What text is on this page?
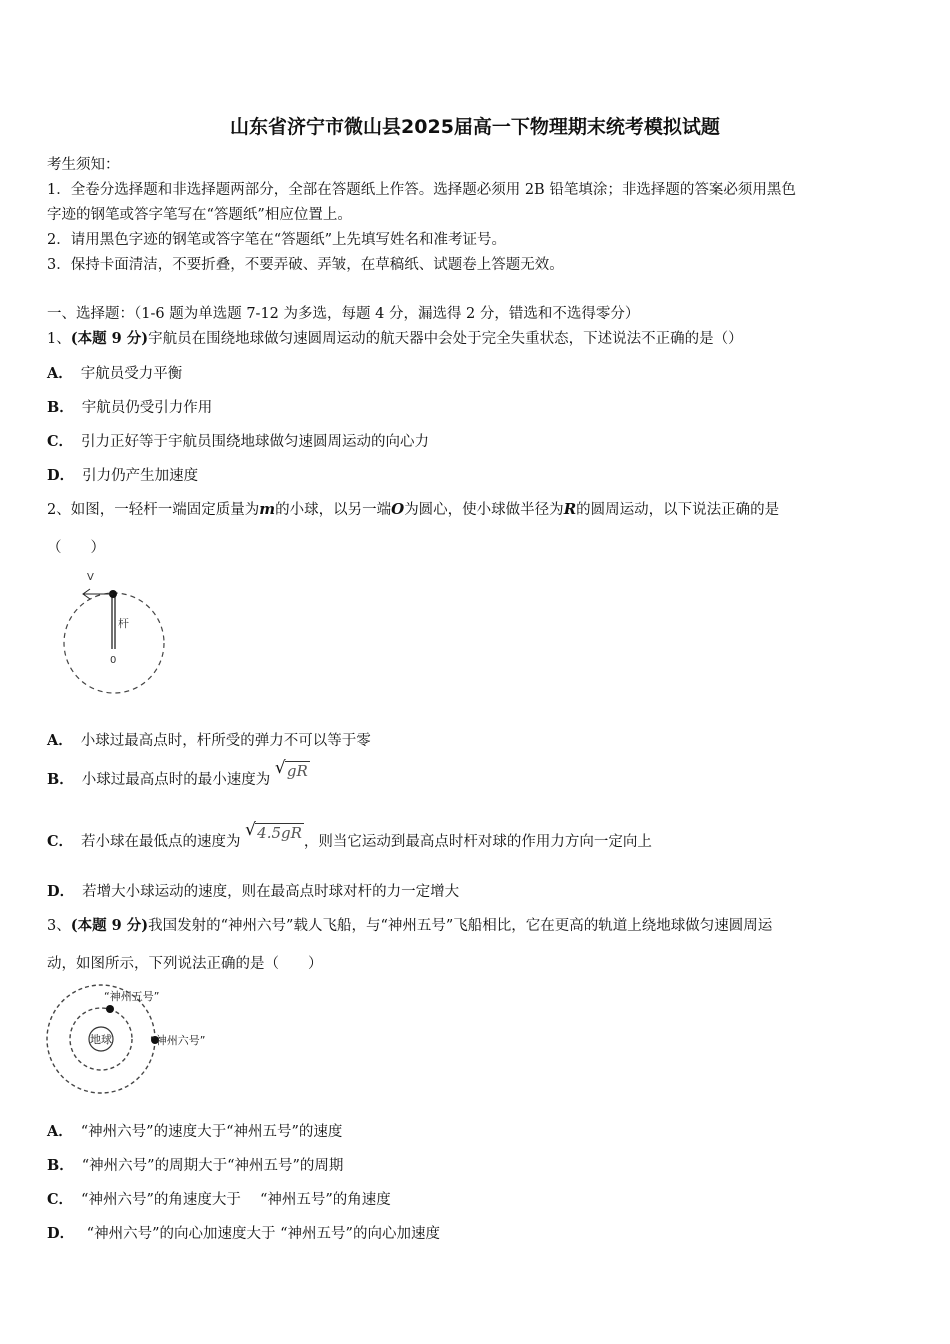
山东省济宁市微山县2025届高一下物理期末统考模拟试题
考生须知：
1．全卷分选择题和非选择题两部分，全部在答题纸上作答。选择题必须用 2B 铅笔填涂；非选择题的答案必须用黑色
字迹的钢笔或答字笔写在“答题纸”相应位置上。
2．请用黑色字迹的钢笔或答字笔在“答题纸”上先填写姓名和准考证号。
3．保持卡面清洁，不要折叠，不要弄破、弄皱，在草稿纸、试题卷上答题无效。
一、选择题：（1-6 题为单选题 7-12 为多选，每题 4 分，漏选得 2 分，错选和不选得零分）
1、(本题 9 分)宇航员在围绕地球做匀速圆周运动的航天器中会处于完全失重状态，下述说法不正确的是（）
A． 宇航员受力平衡
B． 宇航员仍受引力作用
C． 引力正好等于宇航员围绕地球做匀速圆周运动的向心力
D． 引力仍产生加速度
2、如图，一轻杆一端固定质量为m的小球，以另一端O为圆心，使小球做半径为R的圆周运动，以下说法正确的是
（　　）
V
杆
0
A． 小球过最高点时，杆所受的弹力不可以等于零
B． 小球过最高点时的最小速度为
√ gR
C． 若小球在最低点的速度为
√ 4.5gR ，则当它运动到最高点时杆对球的作用力方向一定向上
D． 若增大小球运动的速度，则在最高点时球对杆的力一定增大
3、(本题 9 分)我国发射的“神州六号”载人飞船，与“神州五号”飞船相比，它在更高的轨道上绕地球做匀速圆周运
动，如图所示，下列说法正确的是（　　）
地球
“神州五号”
“神州六号”
A． “神州六号”的速度大于“神州五号”的速度
B． “神州六号”的周期大于“神州五号”的周期
C． “神州六号”的角速度大于 　“神州五号”的角速度
D． “神州六号”的向心加速度大于 “神州五号”的向心加速度
